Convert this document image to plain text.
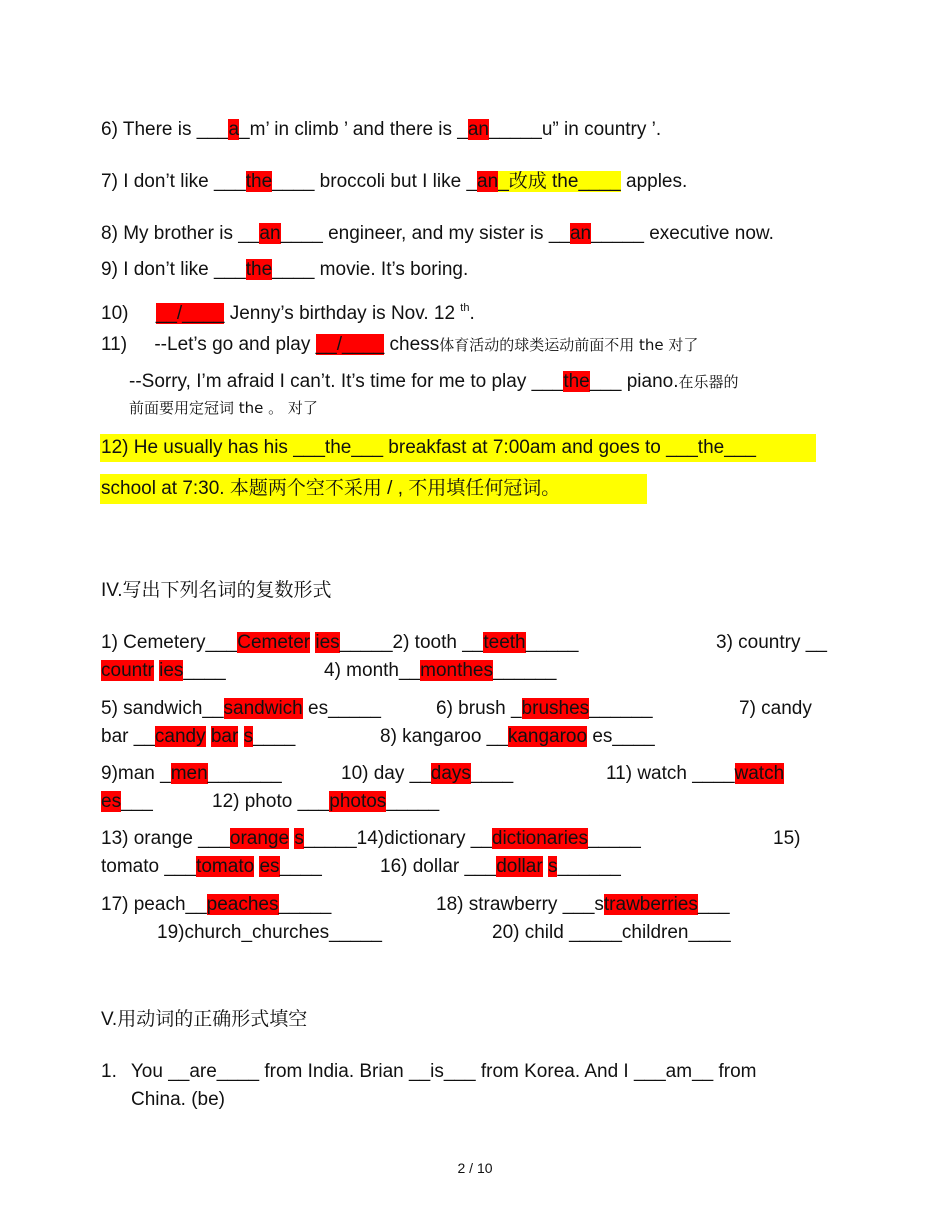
6) There is ___a_m’ in climb ’ and there is _an_____u” in country ’.
7) I don’t like ___the____ broccoli but I like _an_改成 the____ apples.
8) My brother is __an____ engineer, and my sister is __an_____ executive now.
9) I don’t like ___the____ movie. It’s boring.
10) __/____ Jenny’s birthday is Nov. 12 $^{th}$.
11) --Let’s go and play __/____ chess体育活动的球类运动前面不用 the 对了
--Sorry, I’m afraid I can’t. It’s time for me to play ___the___ piano.在乐器的
前面要用定冠词 the 。 对了
12) He usually has his ___the___ breakfast at 7:00am and goes to ___the___
school at 7:30. 本题两个空不采用 / , 不用填任何冠词。
IV.写出下列名词的复数形式
1) Cemetery___Cemeter ies_____2) tooth __teeth_____	3) country __
countr ies____	4) month__monthes______
5) sandwich__sandwich es_____	6) brush _brushes______	7) candy
bar __candy bar s____	8) kangaroo __kangaroo es____
9)man _men_______	10) day __days____	11) watch ____watch
es___	12) photo ___photos_____
13) orange ___orange s_____14)dictionary __dictionaries_____	15)
tomato ___tomato es____	16) dollar ___dollar s______
17) peach__peaches_____	18) strawberry ___strawberries___
19)church_churches_____	20) child _____children____
V.用动词的正确形式填空
1. You __are____ from India. Brian __is___ from Korea. And I ___am__ from
China. (be)
2 / 10
